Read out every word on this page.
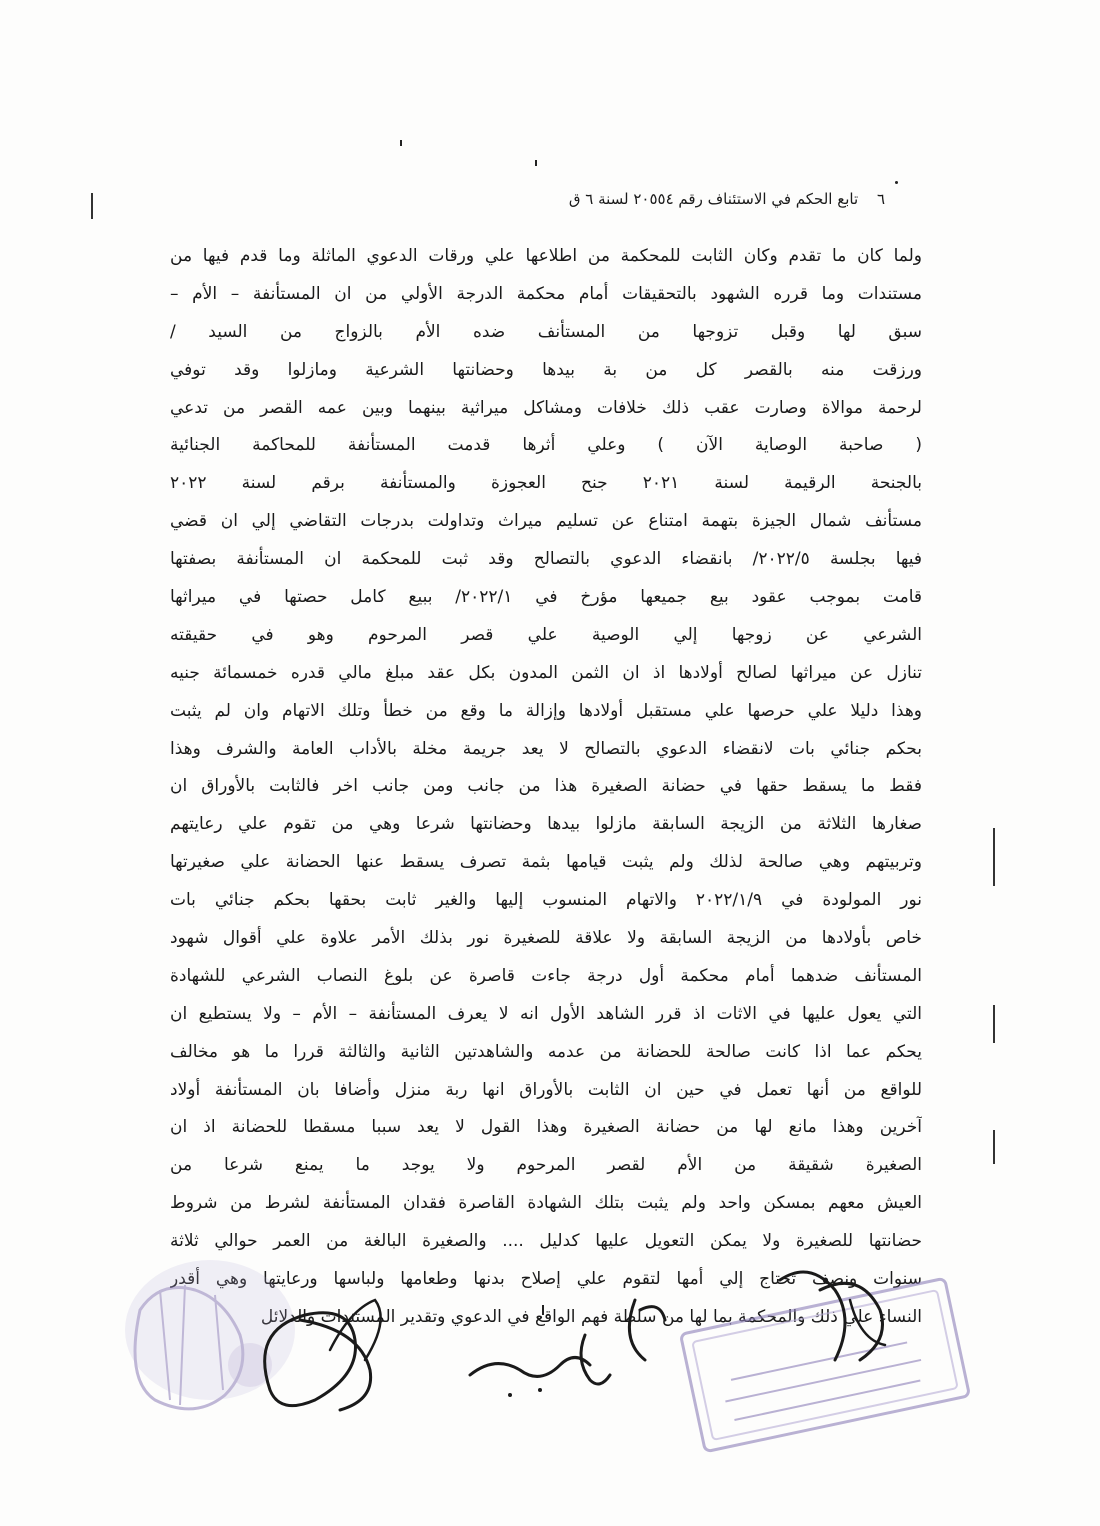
٦ تابع الحكم في الاستئناف رقم ٢٠٥٥٤ لسنة ٦ ق
ولما كان ما تقدم وكان الثابت للمحكمة من اطلاعها علي ورقات الدعوي الماثلة وما قدم فيها من
مستندات وما قرره الشهود بالتحقيقات أمام محكمة الدرجة الأولي من ان المستأنفة – الأم –
سبق لها وقبل تزوجها من المستأنف ضده الأم بالزواج من السيد /
ورزقت منه بالقصر كل من بة بيدها وحضانتها الشرعية ومازلوا وقد توفي
لرحمة موالاة وصارت عقب ذلك خلافات ومشاكل ميراثية بينهما وبين عمه القصر من تدعي
( صاحبة الوصاية الآن ) وعلي أثرها قدمت المستأنفة للمحاكمة الجنائية
بالجنحة الرقيمة لسنة ٢٠٢١ جنح العجوزة والمستأنفة برقم لسنة ٢٠٢٢
مستأنف شمال الجيزة بتهمة امتناع عن تسليم ميراث وتداولت بدرجات التقاضي إلي ان قضي
فيها بجلسة ٢٠٢٢/٥/ بانقضاء الدعوي بالتصالح وقد ثبت للمحكمة ان المستأنفة بصفتها
قامت بموجب عقود بيع جميعها مؤرخ في ٢٠٢٢/١/ ببيع كامل حصتها في ميراثها
الشرعي عن زوجها إلي الوصية علي قصر المرحوم وهو في حقيقته
تنازل عن ميراثها لصالح أولادها اذ ان الثمن المدون بكل عقد مبلغ مالي قدره خمسمائة جنيه
وهذا دليلا علي حرصها علي مستقبل أولادها وإزالة ما وقع من خطأ وتلك الاتهام وان لم يثبت
بحكم جنائي بات لانقضاء الدعوي بالتصالح لا يعد جريمة مخلة بالأداب العامة والشرف وهذا
فقط ما يسقط حقها في حضانة الصغيرة هذا من جانب ومن جانب اخر فالثابت بالأوراق ان
صغارها الثلاثة من الزيجة السابقة مازلوا بيدها وحضانتها شرعا وهي من تقوم علي رعايتهم
وتربيتهم وهي صالحة لذلك ولم يثبت قيامها بثمة تصرف يسقط عنها الحضانة علي صغيرتها
نور المولودة في ٢٠٢٢/١/٩ والاتهام المنسوب إليها والغير ثابت بحقها بحكم جنائي بات
خاص بأولادها من الزيجة السابقة ولا علاقة للصغيرة نور بذلك الأمر علاوة علي أقوال شهود
المستأنف ضدهما أمام محكمة أول درجة جاءت قاصرة عن بلوغ النصاب الشرعي للشهادة
التي يعول عليها في الاثات اذ قرر الشاهد الأول انه لا يعرف المستأنفة – الأم – ولا يستطيع ان
يحكم عما اذا كانت صالحة للحضانة من عدمه والشاهدتين الثانية والثالثة قررا ما هو مخالف
للواقع من أنها تعمل في حين ان الثابت بالأوراق انها ربة منزل وأضافا بان المستأنفة أولاد
آخرين وهذا مانع لها من حضانة الصغيرة وهذا القول لا يعد سببا مسقطا للحضانة اذ ان
الصغيرة شقيقة من الأم لقصر المرحوم ولا يوجد ما يمنع شرعا من
العيش معهم بمسكن واحد ولم يثبت بتلك الشهادة القاصرة فقدان المستأنفة لشرط من شروط
حضانتها للصغيرة ولا يمكن التعويل عليها كدليل .... والصغيرة البالغة من العمر حوالي ثلاثة
سنوات ونصف تحتاج إلي أمها لتقوم علي إصلاح بدنها وطعامها ولباسها ورعايتها وهي أقدر
النساء علي ذلك والمحكمة بما لها من سلطة فهم الواقع في الدعوي وتقدير المستندات والدلائل
